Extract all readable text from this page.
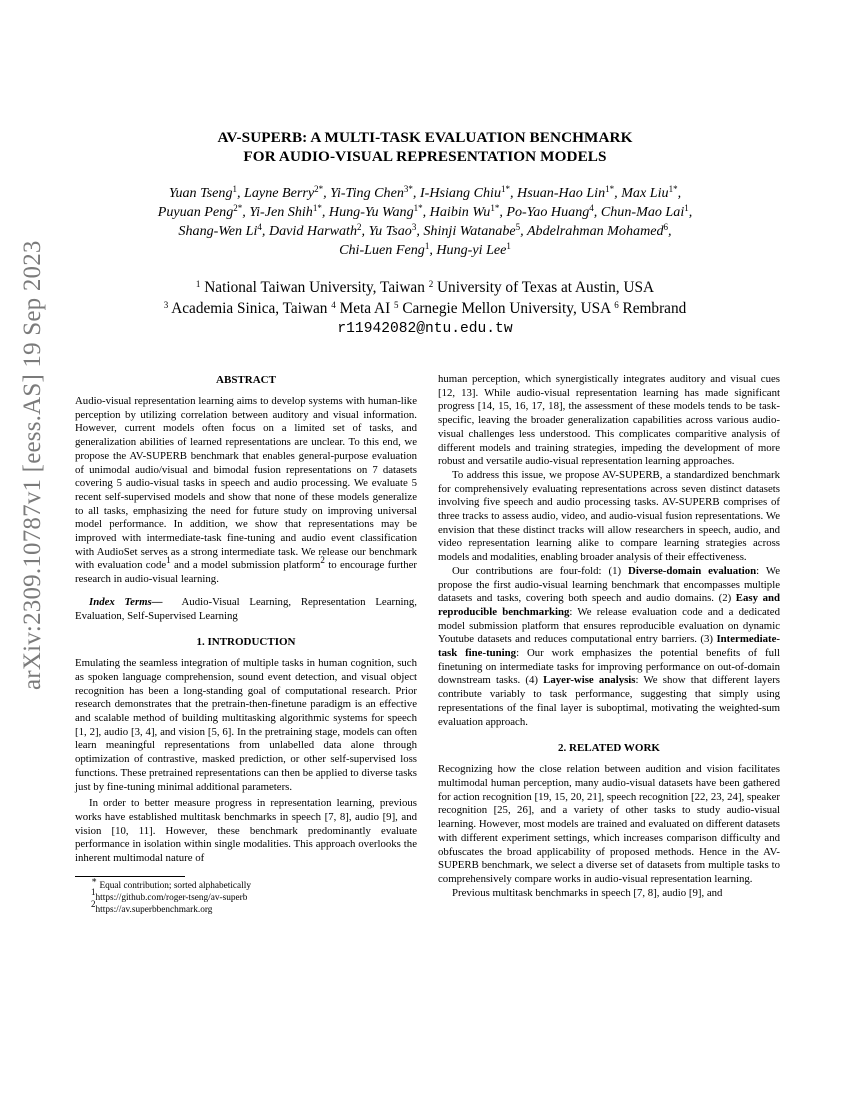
arXiv:2309.10787v1 [eess.AS] 19 Sep 2023
AV-SUPERB: A MULTI-TASK EVALUATION BENCHMARK
FOR AUDIO-VISUAL REPRESENTATION MODELS
Yuan Tseng$^1$, Layne Berry$^{2*}$, Yi-Ting Chen$^{3*}$, I-Hsiang Chiu$^{1*}$, Hsuan-Hao Lin$^{1*}$, Max Liu$^{1*}$,
Puyuan Peng$^{2*}$, Yi-Jen Shih$^{1*}$, Hung-Yu Wang$^{1*}$, Haibin $Wu^{1*}$, Po-Yao Huang$^4$, Chun-Mao Lai$^1$,
Shang-Wen Li$^4$, David Harwath$^2$, Yu Tsao$^3$, Shinji Watanabe$^5$, Abdelrahman Mohamed$^6$,
Chi-Luen Feng$^1$, Hung-yi Lee$^1$
$^1$ National Taiwan University, Taiwan $^2$ University of Texas at Austin, USA
$^3$ Academia Sinica, Taiwan $^4$ Meta AI $^5$ Carnegie Mellon University, USA $^6$ Rembrand
r11942082@ntu.edu.tw
ABSTRACT

Audio-visual representation learning aims to develop systems with human-like perception by utilizing correlation between auditory and visual information. However, current models often focus on a limited set of tasks, and generalization abilities of learned representations are unclear. To this end, we propose the AV-SUPERB benchmark that enables general-purpose evaluation of unimodal audio/visual and bimodal fusion representations on 7 datasets covering 5 audio-visual tasks in speech and audio processing. We evaluate 5 recent self-supervised models and show that none of these models generalize to all tasks, emphasizing the need for future study on improving universal model performance. In addition, we show that representations may be improved with intermediate-task fine-tuning and audio event classification with AudioSet serves as a strong intermediate task. We release our benchmark with evaluation code$^1$ and a model submission platform$^2$ to encourage further research in audio-visual learning.

Index Terms— Audio-Visual Learning, Representation Learning, Evaluation, Self-Supervised Learning

1. INTRODUCTION

Emulating the seamless integration of multiple tasks in human cognition, such as spoken language comprehension, sound event detection, and visual object recognition has been a long-standing goal of computational research. Prior research demonstrates that the pretrain-then-finetune paradigm is an effective and scalable method of building multitasking algorithmic systems for speech [1, 2], audio [3, 4], and vision [5, 6]. In the pretraining stage, models can often learn meaningful representations from unlabelled data alone through optimization of contrastive, masked prediction, or other self-supervised loss functions. These pretrained representations can then be applied to diverse tasks just by fine-tuning minimal additional parameters.

In order to better measure progress in representation learning, previous works have established multitask benchmarks in speech [7, 8], audio [9], and vision [10, 11]. However, these benchmark predominantly evaluate performance in isolation within single modalities. This approach overlooks the inherent multimodal nature of

∗ Equal contribution; sorted alphabetically
$^1$https://github.com/roger-tseng/av-superb
$^2$https://av.superbbenchmark.org

human perception, which synergistically integrates auditory and visual cues [12, 13]. While audio-visual representation learning has made significant progress [14, 15, 16, 17, 18], the assessment of these models tends to be task-specific, leaving the broader generalization capabilities across various audio-visual challenges less understood. This complicates comparitive analysis of different models and training strategies, impeding the development of more robust and versatile audio-visual representation learning approaches.

To address this issue, we propose AV-SUPERB, a standardized benchmark for comprehensively evaluating representations across seven distinct datasets involving five speech and audio processing tasks. AV-SUPERB comprises of three tracks to assess audio, video, and audio-visual fusion representations. We envision that these distinct tracks will allow researchers in speech, audio, and video representation learning alike to compare learning strategies across models and modalities, enabling broader analysis of their effectiveness.

Our contributions are four-fold: (1) Diverse-domain evaluation: We propose the first audio-visual learning benchmark that encompasses multiple datasets and tasks, covering both speech and audio domains. (2) Easy and reproducible benchmarking: We release evaluation code and a dedicated model submission platform that ensures reproducible evaluation on dynamic Youtube datasets and reduces computational entry barriers. (3) Intermediate-task fine-tuning: Our work emphasizes the potential benefits of full finetuning on intermediate tasks for improving performance on out-of-domain downstream tasks. (4) Layer-wise analysis: We show that different layers contribute variably to task performance, suggesting that simply using representations of the final layer is suboptimal, motivating the weighted-sum evaluation approach.

2. RELATED WORK

Recognizing how the close relation between audition and vision facilitates multimodal human perception, many audio-visual datasets have been gathered for action recognition [19, 15, 20, 21], speech recognition [22, 23, 24], speaker recognition [25, 26], and a variety of other tasks to study audio-visual learning. However, most models are trained and evaluated on different datasets with different experiment settings, which increases comparison difficulty and obfuscates the broad applicability of proposed methods. Hence in the AV-SUPERB benchmark, we select a diverse set of datasets from multiple tasks to comprehensively compare works in audio-visual representation learning.

Previous multitask benchmarks in speech [7, 8], audio [9], and
